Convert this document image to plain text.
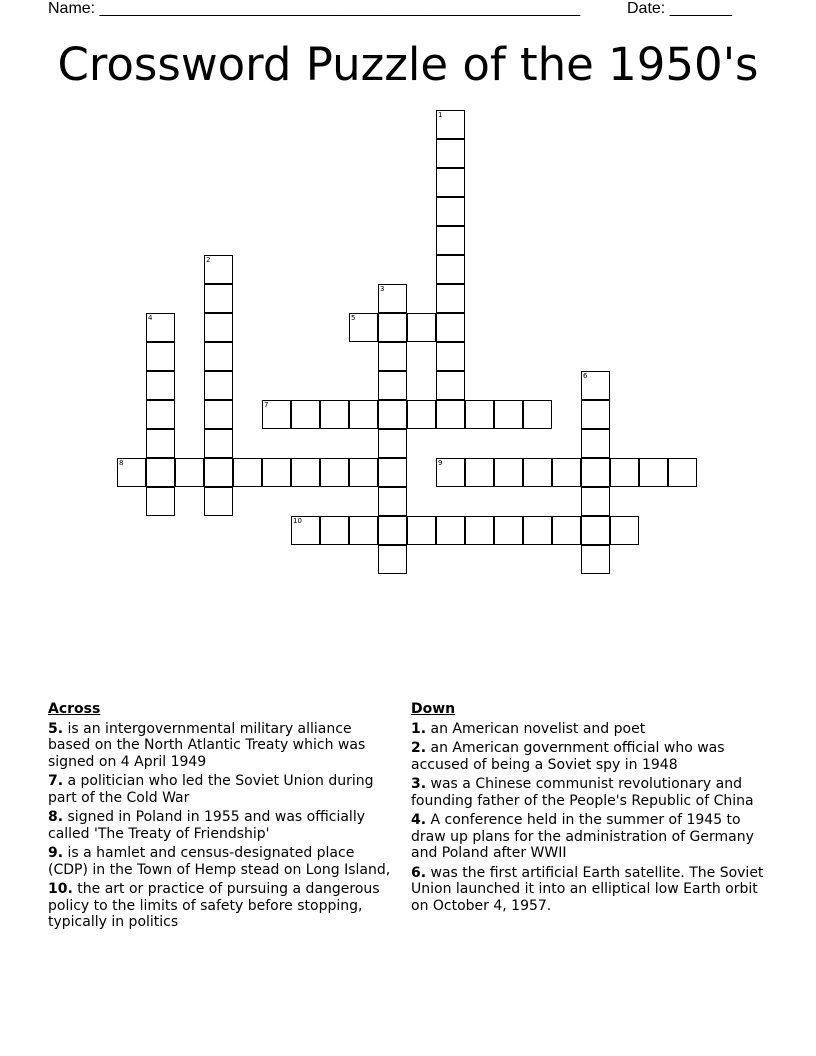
Name: ______________________________________________________	Date: _______
Crossword Puzzle of the 1950's
1
2
3
4	5
6
7
8	9
10
Across
5. is an intergovernmental military alliance based on the North Atlantic Treaty which was signed on 4 April 1949
7. a politician who led the Soviet Union during part of the Cold War
8. signed in Poland in 1955 and was officially called 'The Treaty of Friendship'
9. is a hamlet and census-designated place (CDP) in the Town of Hemp stead on Long Island,
10. the art or practice of pursuing a dangerous policy to the limits of safety before stopping, typically in politics
Down
1. an American novelist and poet
2. an American government official who was accused of being a Soviet spy in 1948
3. was a Chinese communist revolutionary and founding father of the People's Republic of China
4. A conference held in the summer of 1945 to draw up plans for the administration of Germany and Poland after WWII
6. was the first artificial Earth satellite. The Soviet Union launched it into an elliptical low Earth orbit on October 4, 1957.
